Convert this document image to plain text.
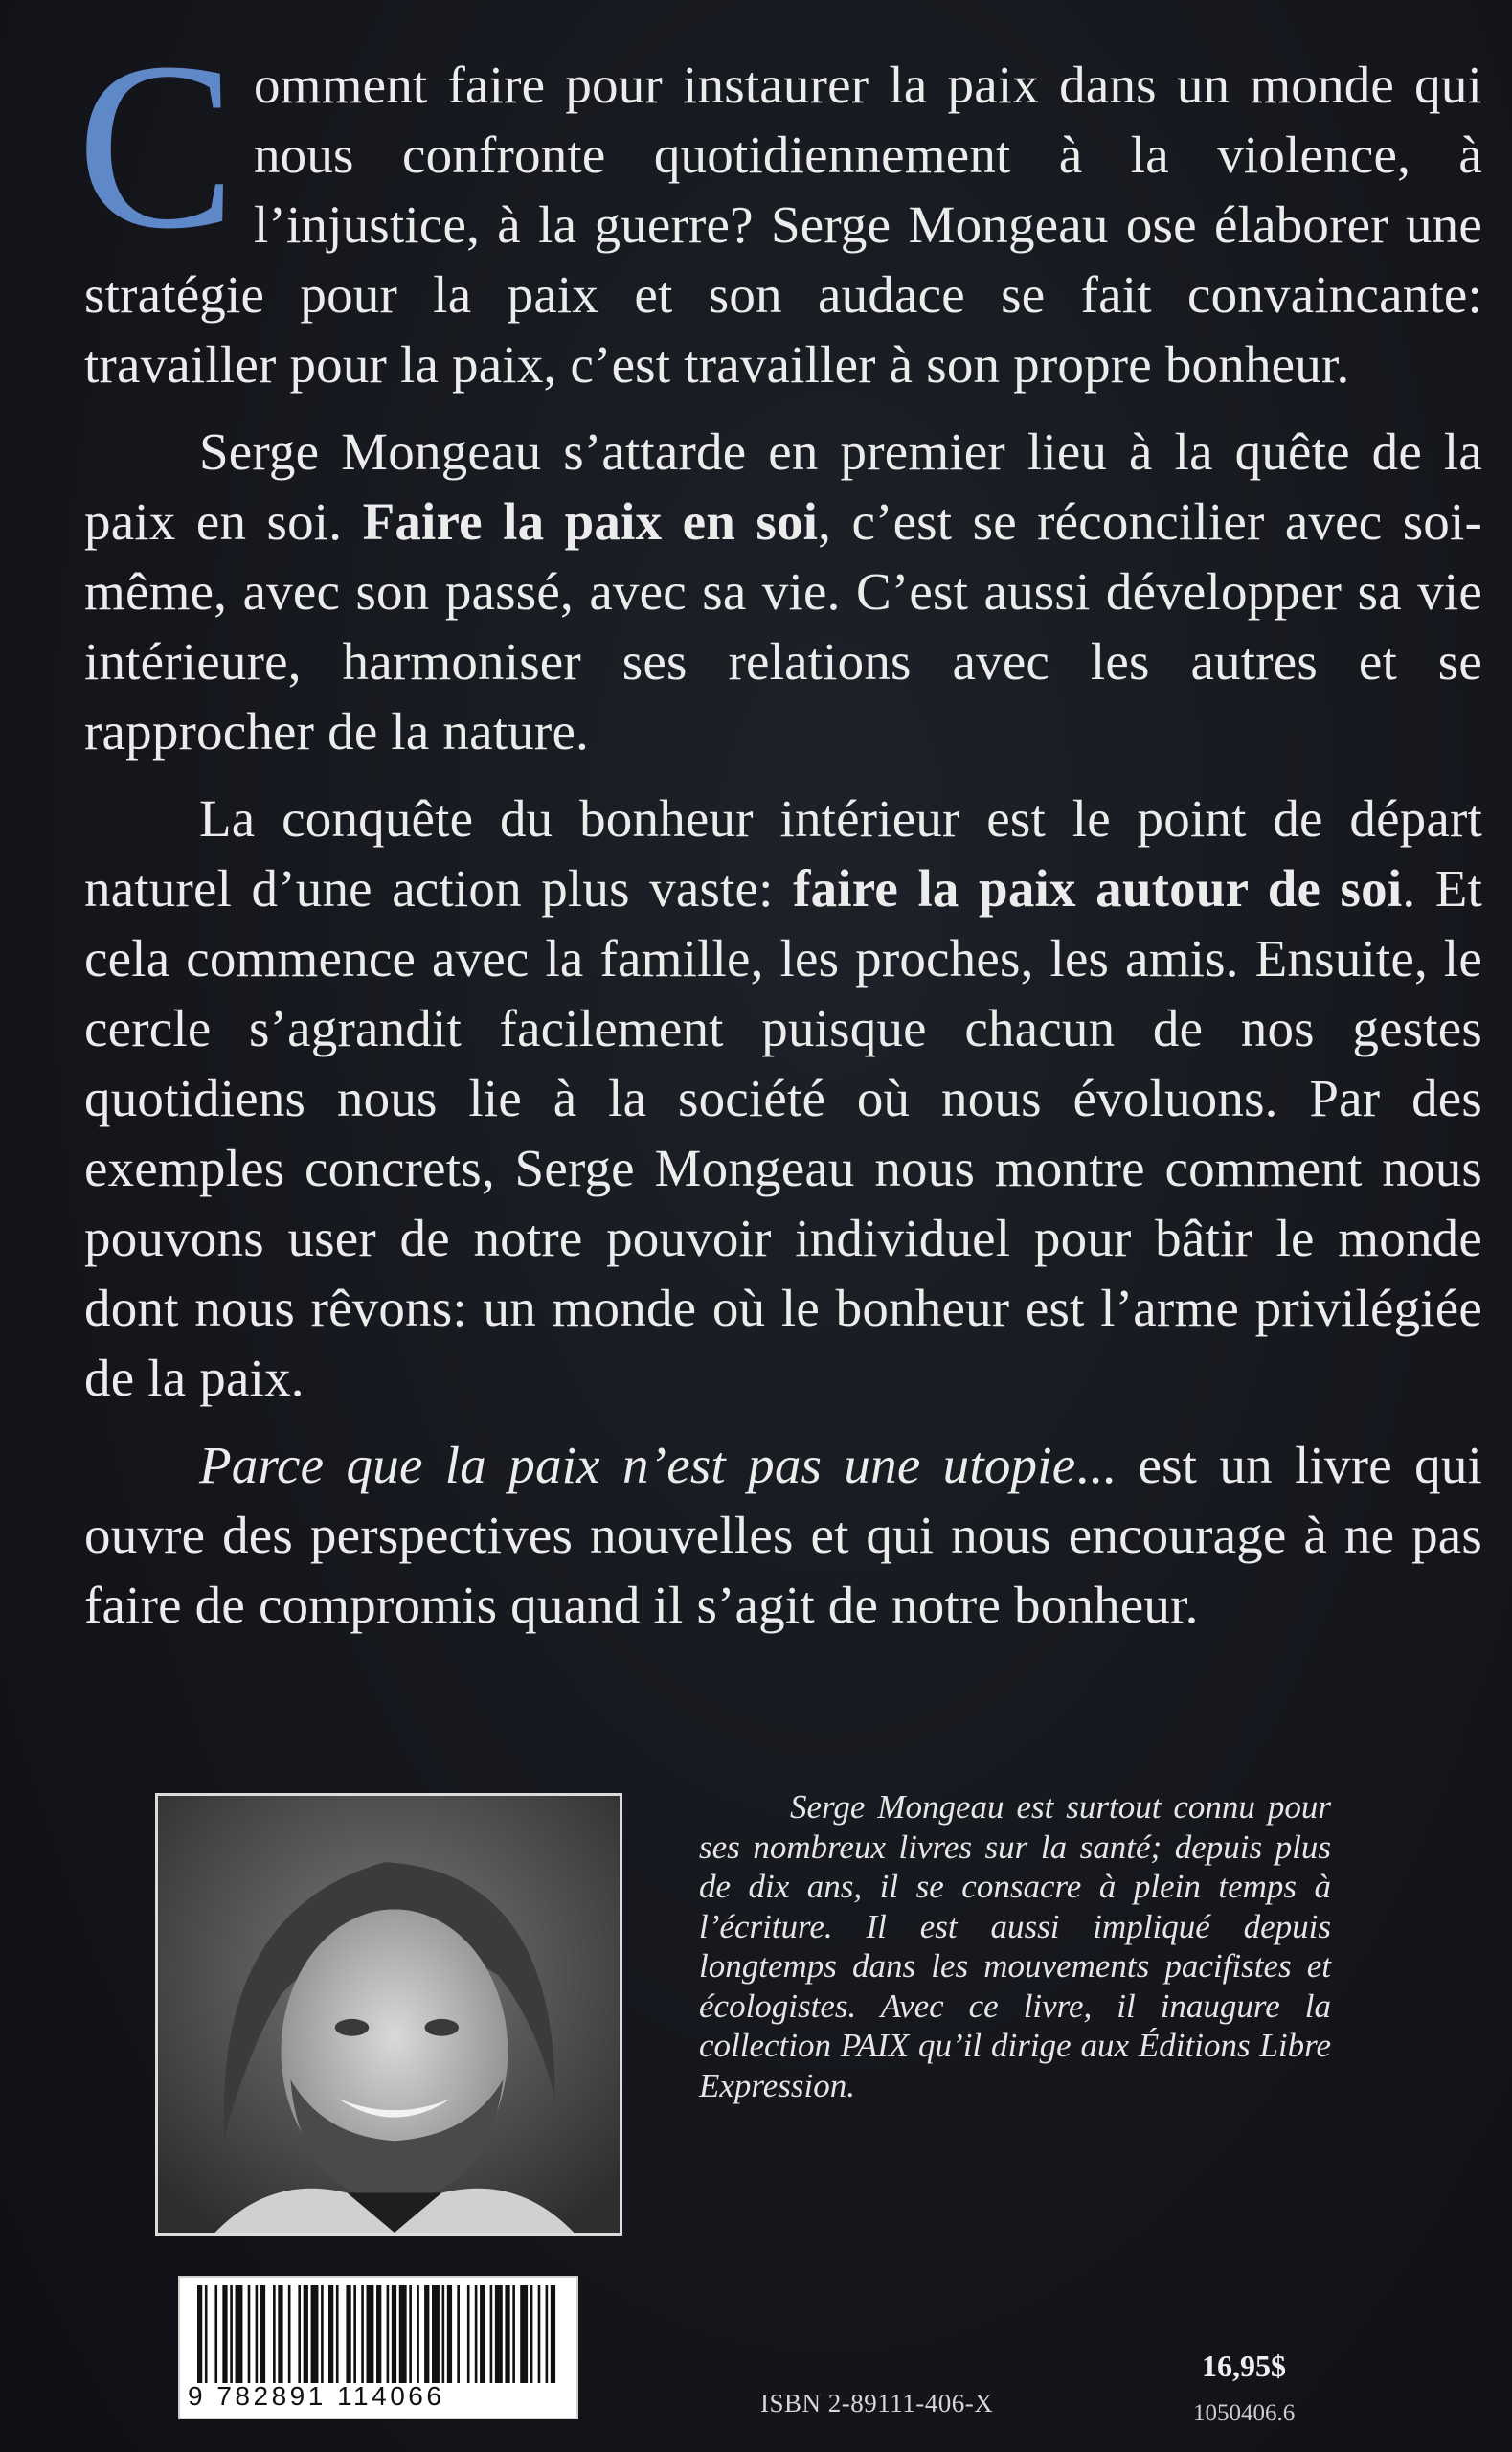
Comment faire pour instaurer la paix dans un monde qui nous confronte quotidiennement à la violence, à l’injustice, à la guerre? Serge Mongeau ose élaborer une stratégie pour la paix et son audace se fait convaincante: travailler pour la paix, c’est travailler à son propre bonheur.

Serge Mongeau s’attarde en premier lieu à la quête de la paix en soi. Faire la paix en soi, c’est se réconcilier avec soi-même, avec son passé, avec sa vie. C’est aussi développer sa vie intérieure, harmoniser ses relations avec les autres et se rapprocher de la nature.

La conquête du bonheur intérieur est le point de départ naturel d’une action plus vaste: faire la paix autour de soi. Et cela commence avec la famille, les proches, les amis. Ensuite, le cercle s’agrandit facilement puisque chacun de nos gestes quotidiens nous lie à la société où nous évoluons. Par des exemples concrets, Serge Mongeau nous montre comment nous pouvons user de notre pouvoir individuel pour bâtir le monde dont nous rêvons: un monde où le bonheur est l’arme privilégiée de la paix.

Parce que la paix n’est pas une utopie... est un livre qui ouvre des perspectives nouvelles et qui nous encourage à ne pas faire de compromis quand il s’agit de notre bonheur.

Serge Mongeau est surtout connu pour ses nombreux livres sur la santé; depuis plus de dix ans, il se consacre à plein temps à l’écriture. Il est aussi impliqué depuis longtemps dans les mouvements pacifistes et écologistes. Avec ce livre, il inaugure la collection PAIX qu’il dirige aux Éditions Libre Expression.

9 782891 114066	ISBN 2-89111-406-X
16,95$
1050406.6
